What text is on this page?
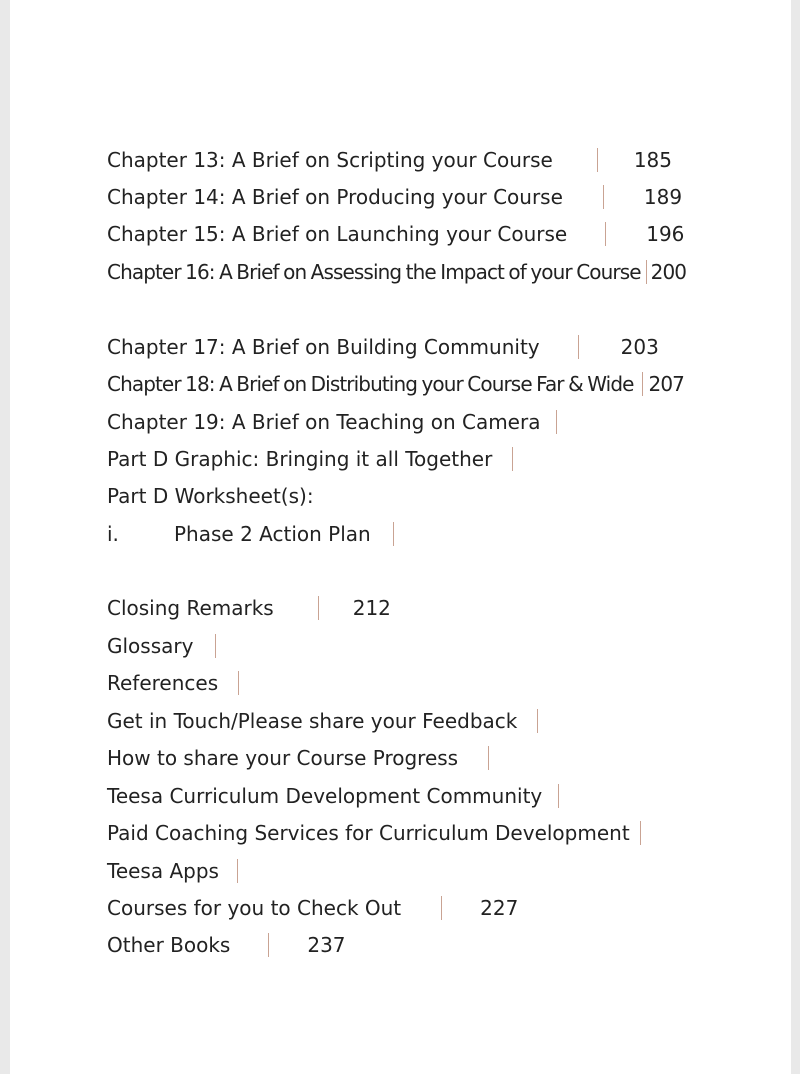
Chapter 13: A Brief on Scripting your Course	185
Chapter 14: A Brief on Producing your Course	189
Chapter 15: A Brief on Launching your Course	196
Chapter 16: A Brief on Assessing the Impact of your Course 200
Chapter 17: A Brief on Building Community	203
Chapter 18: A Brief on Distributing your Course Far & Wide 207
Chapter 19: A Brief on Teaching on Camera
Part D Graphic: Bringing it all Together
Part D Worksheet(s):
i.	Phase 2 Action Plan
Closing Remarks	212
Glossary
References
Get in Touch/Please share your Feedback
How to share your Course Progress
Teesa Curriculum Development Community
Paid Coaching Services for Curriculum Development
Teesa Apps
Courses for you to Check Out	227
Other Books	237
